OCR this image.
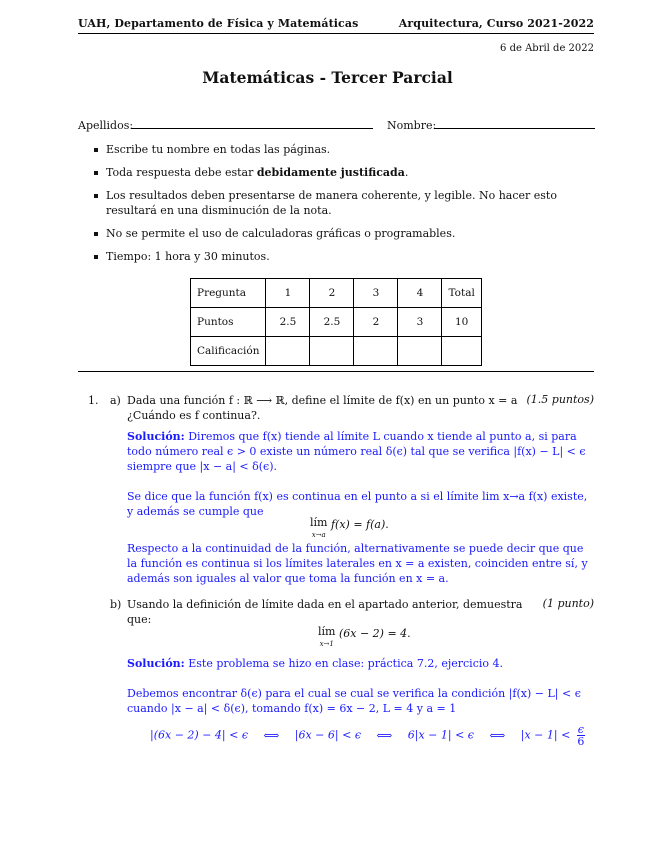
UAH, Departamento de Física y Matemáticas	Arquitectura, Curso 2021-2022
6 de Abril de 2022
Matemáticas - Tercer Parcial
Apellidos:	Nombre:
Escribe tu nombre en todas las páginas.
Toda respuesta debe estar debidamente justificada.
Los resultados deben presentarse de manera coherente, y legible. No hacer esto resultará en una disminución de la nota.
No se permite el uso de calculadoras gráficas o programables.
Tiempo: 1 hora y 30 minutos.
Pregunta	1	2	3	4	Total
Puntos	2.5	2.5	2	3	10
Calificación					
1. a) Dada una función f : ℝ ⟶ ℝ, define el límite de f(x) en un punto x = a (1.5 puntos)
¿Cuándo es f continua?.
Solución: Diremos que f(x) tiende al límite L cuando x tiende al punto a, si para todo número real ϵ > 0 existe un número real δ(ϵ) tal que se verifica |f(x) − L| < ϵ siempre que |x − a| < δ(ϵ).
Se dice que la función f(x) es continua en el punto a si el límite lim x→a f(x) existe, y además se cumple que
lím
x→a f(x) = f(a).
Respecto a la continuidad de la función, alternativamente se puede decir que que la función es continua si los límites laterales en x = a existen, coinciden entre sí, y además son iguales al valor que toma la función en x = a.
b) Usando la definición de límite dada en el apartado anterior, demuestra (1 punto)
que:
lím
x→1 (6x − 2) = 4.
Solución: Este problema se hizo en clase: práctica 7.2, ejercicio 4.
Debemos encontrar δ(ϵ) para el cual se cual se verifica la condición |f(x) − L| < ϵ cuando |x − a| < δ(ϵ), tomando f(x) = 6x − 2, L = 4 y a = 1
|(6x − 2) − 4| < ϵ ⟺ |6x − 6| < ϵ ⟺ 6|x − 1| < ϵ ⟺ $|x - 1| < \frac{\epsilon}{6}$
